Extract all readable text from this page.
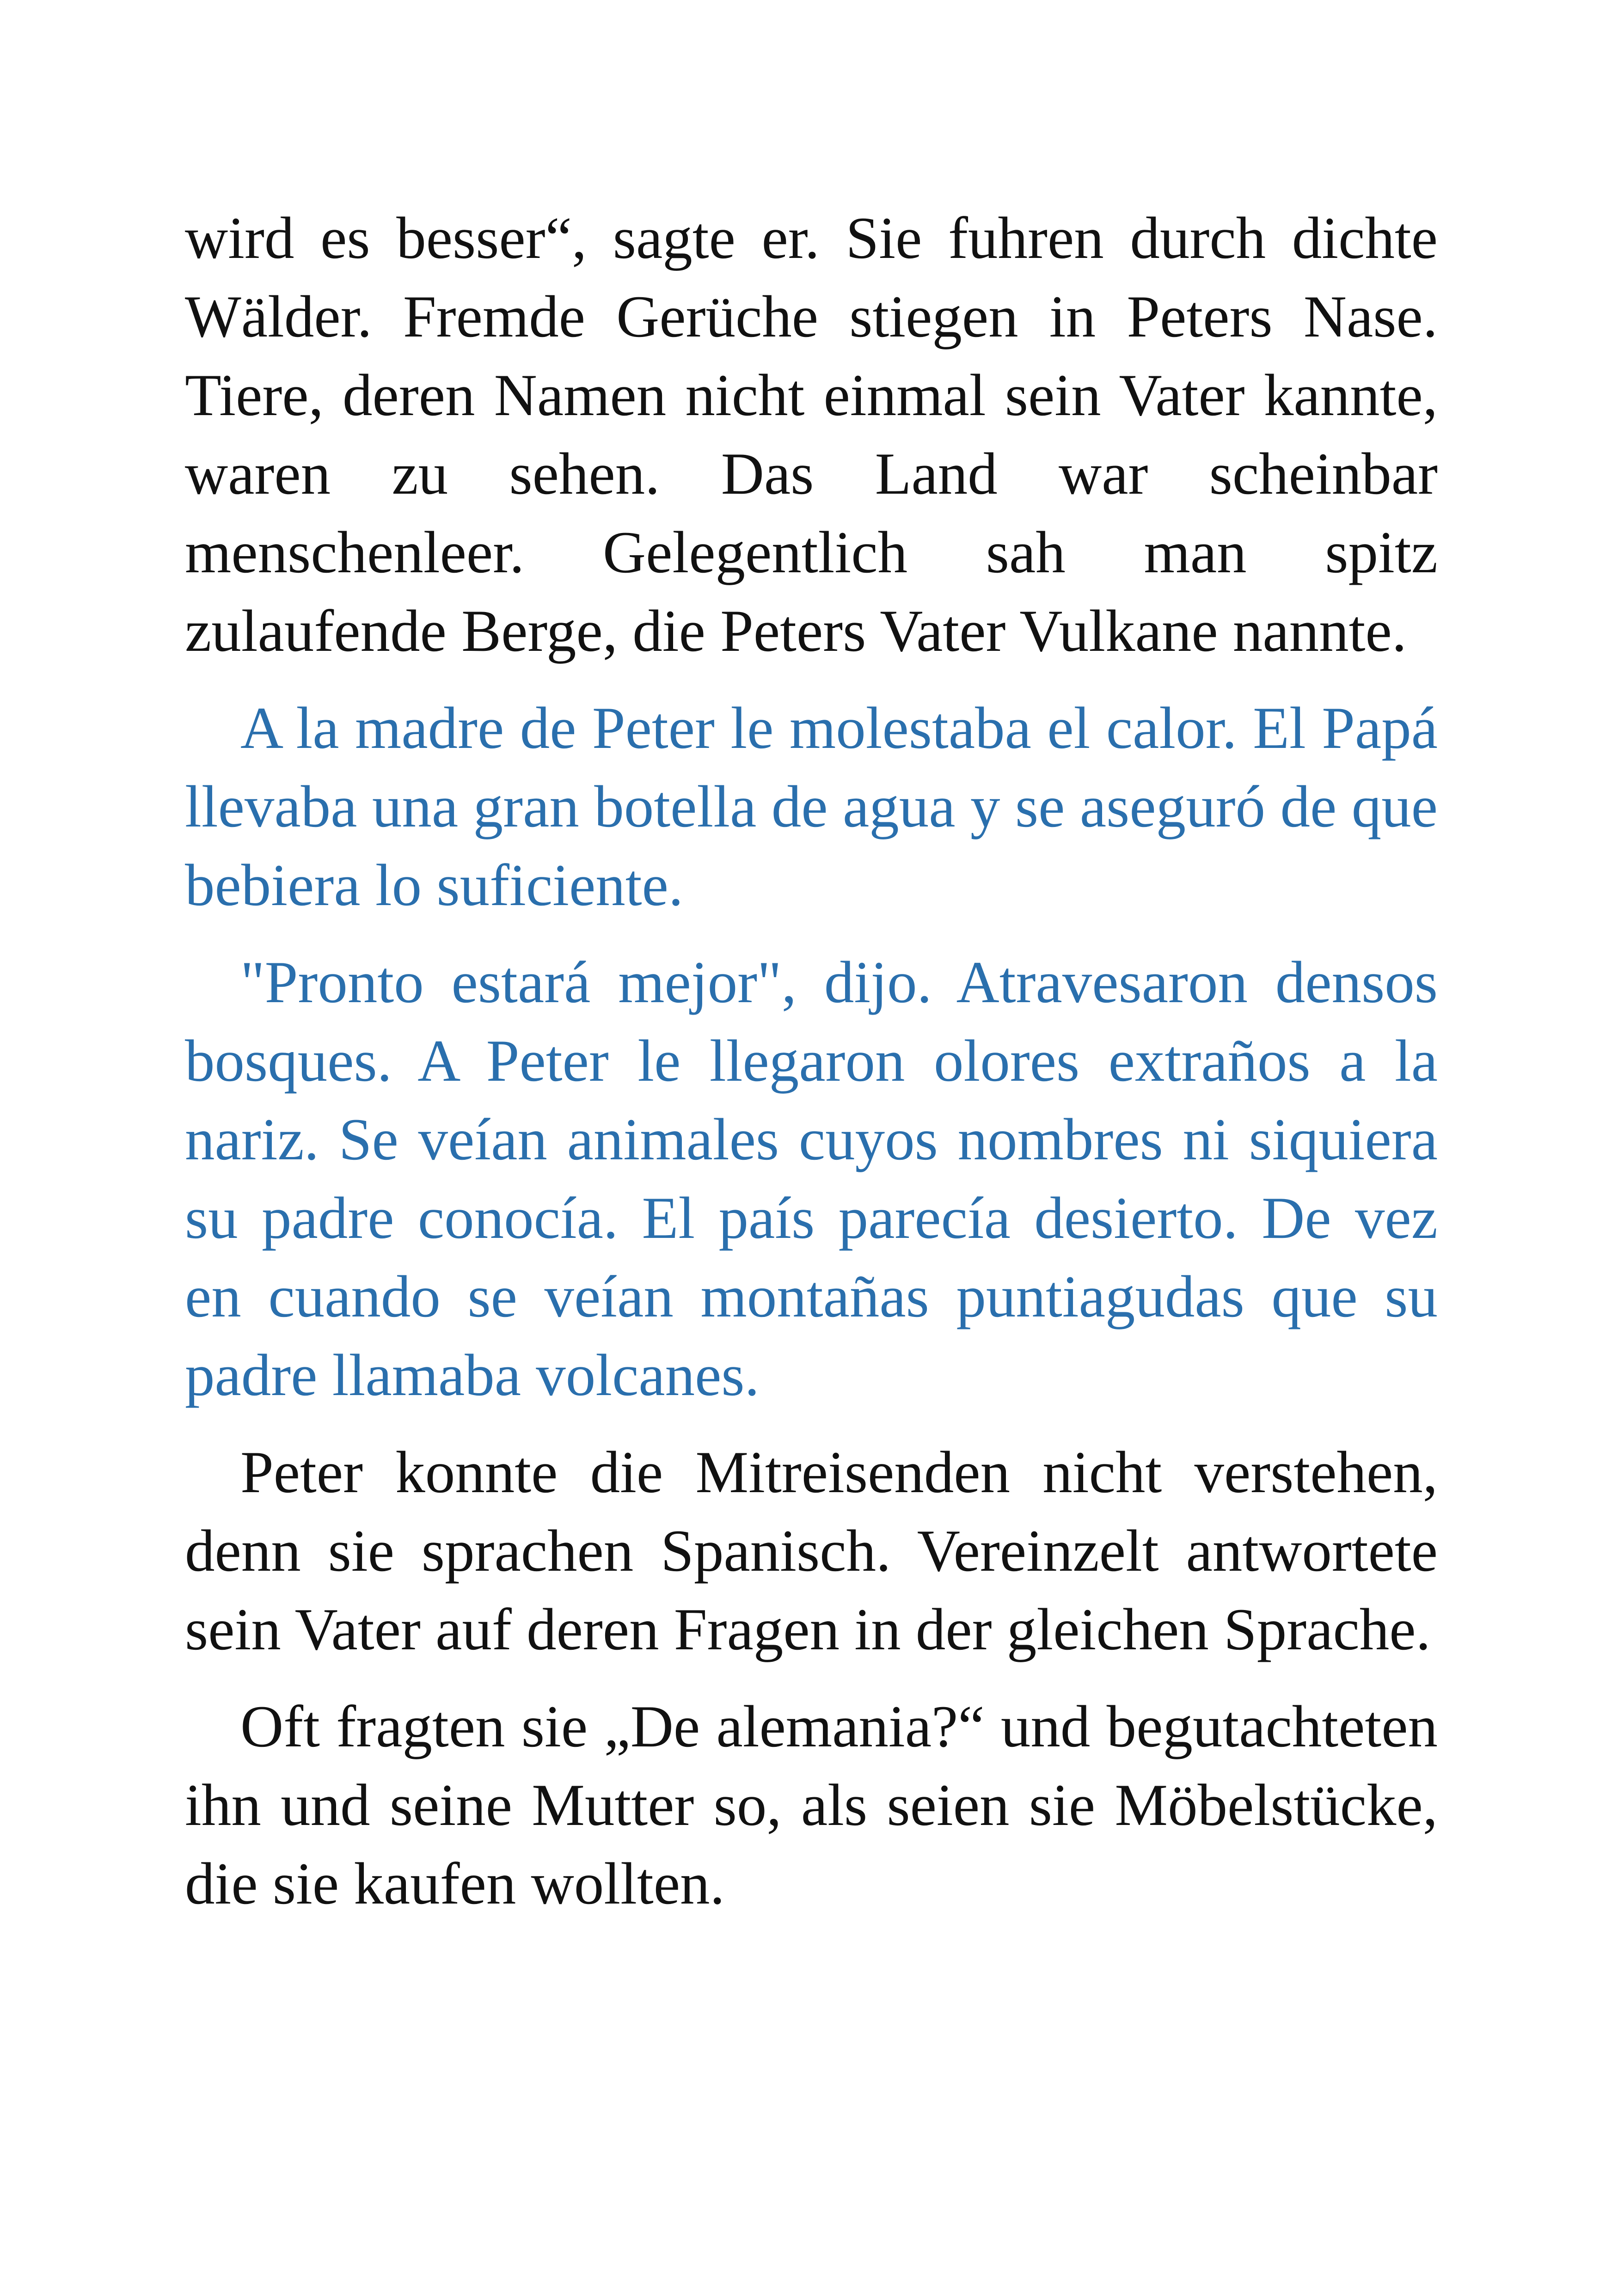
wird es besser“, sagte er. Sie fuhren durch dichte Wälder. Fremde Gerüche stiegen in Peters Nase. Tiere, deren Namen nicht einmal sein Vater kannte, waren zu sehen. Das Land war scheinbar menschenleer. Gelegentlich sah man spitz zulaufende Berge, die Peters Vater Vulkane nannte.

A la madre de Peter le molestaba el calor. El Papá llevaba una gran botella de agua y se aseguró de que bebiera lo suficiente.

"Pronto estará mejor", dijo. Atravesaron densos bosques. A Peter le llegaron olores extraños a la nariz. Se veían animales cuyos nombres ni siquiera su padre conocía. El país parecía desierto. De vez en cuando se veían montañas puntiagudas que su padre llamaba volcanes.

Peter konnte die Mitreisenden nicht verstehen, denn sie sprachen Spanisch. Vereinzelt antwortete sein Vater auf deren Fragen in der gleichen Sprache.

Oft fragten sie „De alemania?“ und begutachteten ihn und seine Mutter so, als seien sie Möbelstücke, die sie kaufen wollten.
